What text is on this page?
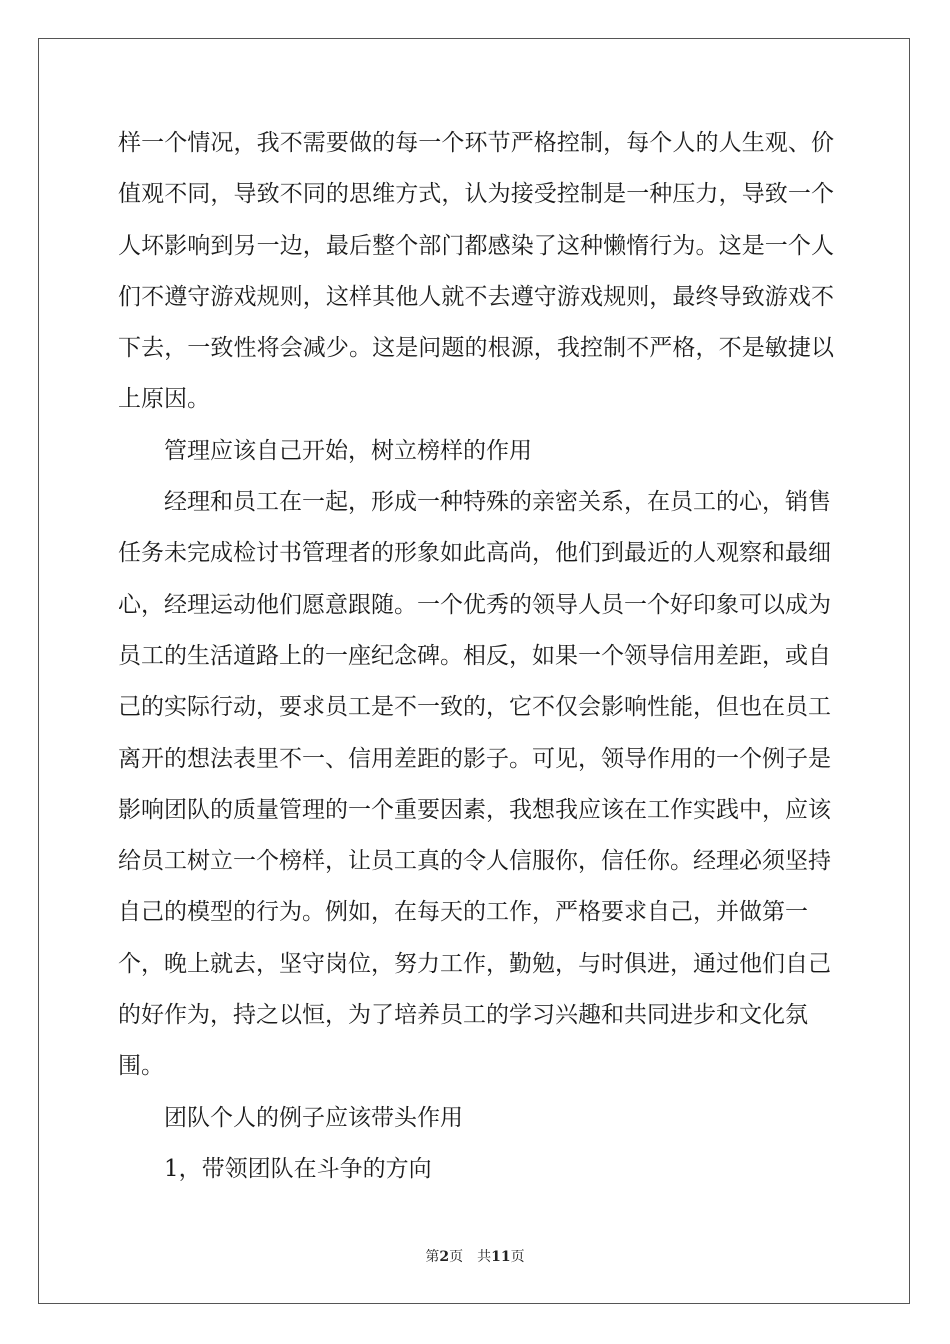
样一个情况，我不需要做的每一个环节严格控制，每个人的人生观、价值观不同，导致不同的思维方式，认为接受控制是一种压力，导致一个人坏影响到另一边，最后整个部门都感染了这种懒惰行为。这是一个人们不遵守游戏规则，这样其他人就不去遵守游戏规则，最终导致游戏不下去，一致性将会减少。这是问题的根源，我控制不严格，不是敏捷以上原因。

管理应该自己开始，树立榜样的作用

经理和员工在一起，形成一种特殊的亲密关系，在员工的心，销售任务未完成检讨书管理者的形象如此高尚，他们到最近的人观察和最细心，经理运动他们愿意跟随。一个优秀的领导人员一个好印象可以成为员工的生活道路上的一座纪念碑。相反，如果一个领导信用差距，或自己的实际行动，要求员工是不一致的，它不仅会影响性能，但也在员工离开的想法表里不一、信用差距的影子。可见，领导作用的一个例子是影响团队的质量管理的一个重要因素，我想我应该在工作实践中，应该给员工树立一个榜样，让员工真的令人信服你，信任你。经理必须坚持自己的模型的行为。例如，在每天的工作，严格要求自己，并做第一个，晚上就去，坚守岗位，努力工作，勤勉，与时俱进，通过他们自己的好作为，持之以恒，为了培养员工的学习兴趣和共同进步和文化氛围。

团队个人的例子应该带头作用

1，带领团队在斗争的方向

第2页　共11页
